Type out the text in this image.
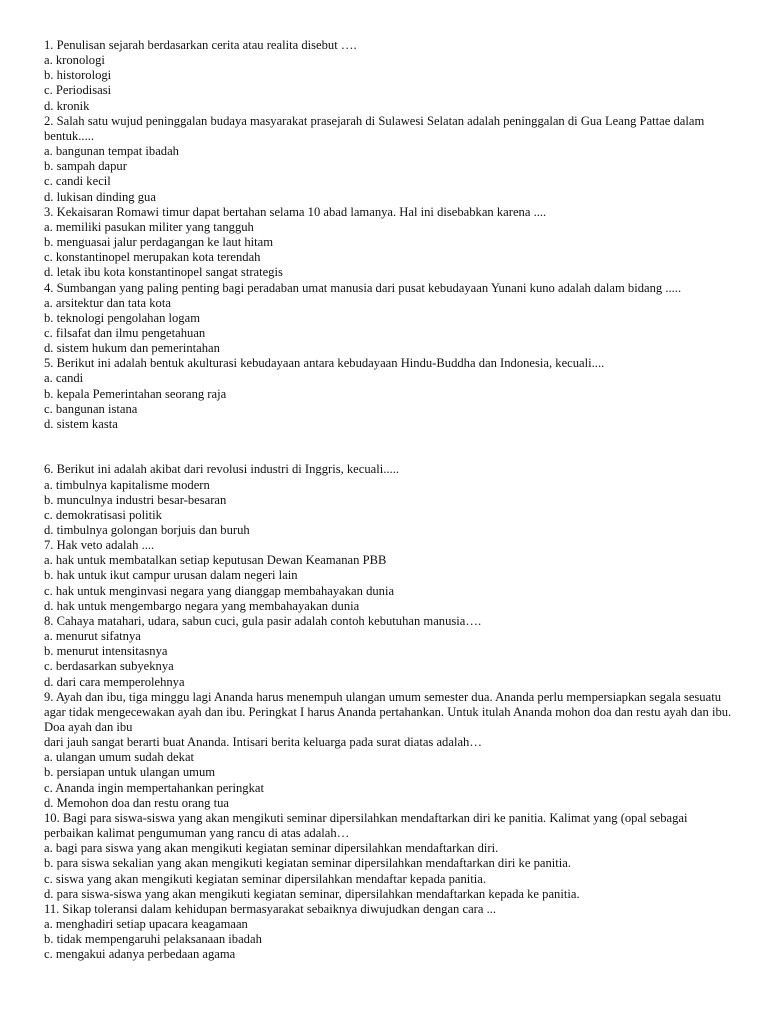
1. Penulisan sejarah berdasarkan cerita atau realita disebut ….

a. kronologi

b. historologi

c. Periodisasi

d. kronik

2. Salah satu wujud peninggalan budaya masyarakat prasejarah di Sulawesi Selatan adalah peninggalan di Gua Leang Pattae dalam bentuk.....

a. bangunan tempat ibadah

b. sampah dapur

c. candi kecil

d. lukisan dinding gua

3. Kekaisaran Romawi timur dapat bertahan selama 10 abad lamanya. Hal ini disebabkan karena ....

a. memiliki pasukan militer yang tangguh

b. menguasai jalur perdagangan ke laut hitam

c. konstantinopel merupakan kota terendah

d. letak ibu kota konstantinopel sangat strategis

4. Sumbangan yang paling penting bagi peradaban umat manusia dari pusat kebudayaan Yunani kuno adalah dalam bidang .....

a. arsitektur dan tata kota

b. teknologi pengolahan logam

c. filsafat dan ilmu pengetahuan

d. sistem hukum dan pemerintahan

5. Berikut ini adalah bentuk akulturasi kebudayaan antara kebudayaan Hindu-Buddha dan Indonesia, kecuali....

a. candi

b. kepala Pemerintahan seorang raja

c. bangunan istana

d. sistem kasta

6. Berikut ini adalah akibat dari revolusi industri di Inggris, kecuali.....

a. timbulnya kapitalisme modern

b. munculnya industri besar-besaran

c. demokratisasi politik

d. timbulnya golongan borjuis dan buruh

7. Hak veto adalah ....

a. hak untuk membatalkan setiap keputusan Dewan Keamanan PBB

b. hak untuk ikut campur urusan dalam negeri lain

c. hak untuk menginvasi negara yang dianggap membahayakan dunia

d. hak untuk mengembargo negara yang membahayakan dunia

8. Cahaya matahari, udara, sabun cuci, gula pasir adalah contoh kebutuhan manusia….

a. menurut sifatnya

b. menurut intensitasnya

c. berdasarkan subyeknya

d. dari cara memperolehnya

9. Ayah dan ibu, tiga minggu lagi Ananda harus menempuh ulangan umum semester dua. Ananda perlu mempersiapkan segala sesuatu agar tidak mengecewakan ayah dan ibu. Peringkat I harus Ananda pertahankan. Untuk itulah Ananda mohon doa dan restu ayah dan ibu. Doa ayah dan ibu

dari jauh sangat berarti buat Ananda. Intisari berita keluarga pada surat diatas adalah…

a. ulangan umum sudah dekat

b. persiapan untuk ulangan umum

c. Ananda ingin mempertahankan peringkat

d. Memohon doa dan restu orang tua

10. Bagi para siswa-siswa yang akan mengikuti seminar dipersilahkan mendaftarkan diri ke panitia. Kalimat yang (opal sebagai perbaikan kalimat pengumuman yang rancu di atas adalah…

a. bagi para siswa yang akan mengikuti kegiatan seminar dipersilahkan mendaftarkan diri.

b. para siswa sekalian yang akan mengikuti kegiatan seminar dipersilahkan mendaftarkan diri ke panitia.

c. siswa yang akan mengikuti kegiatan seminar dipersilahkan mendaftar kepada panitia.

d. para siswa-siswa yang akan mengikuti kegiatan seminar, dipersilahkan mendaftarkan kepada ke panitia.

11. Sikap toleransi dalam kehidupan bermasyarakat sebaiknya diwujudkan dengan cara ...

a. menghadiri setiap upacara keagamaan

b. tidak mempengaruhi pelaksanaan ibadah

c. mengakui adanya perbedaan agama
